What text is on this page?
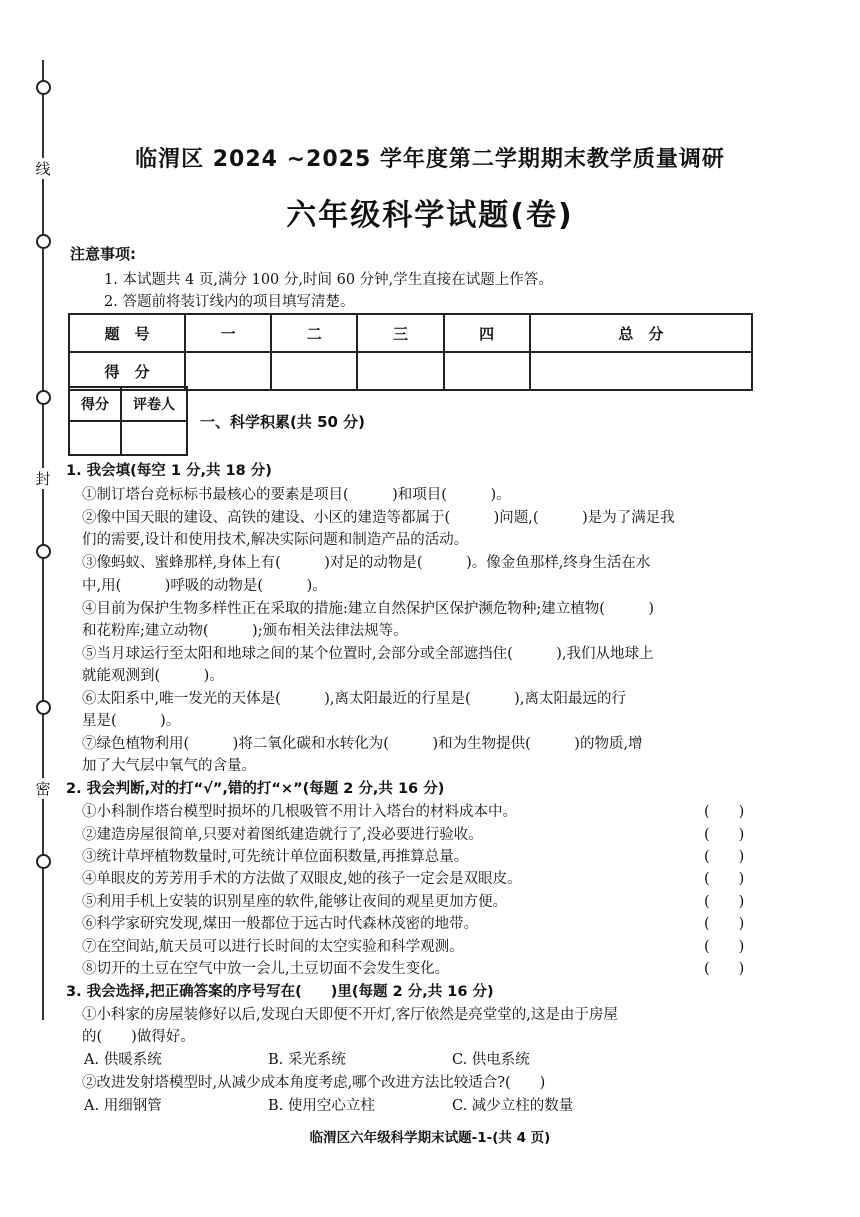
线
封
密
临渭区 2024 ~2025 学年度第二学期期末教学质量调研
六年级科学试题(卷)
注意事项:
1. 本试题共 4 页,满分 100 分,时间 60 分钟,学生直接在试题上作答。
2. 答题前将装订线内的项目填写清楚。
题　号	一	二	三	四	总　分
得　分					
得分	评卷人

一、科学积累(共 50 分)
1. 我会填(每空 1 分,共 18 分)
①制订塔台竞标标书最核心的要素是项目(　　　)和项目(　　　)。
②像中国天眼的建设、高铁的建设、小区的建造等都属于(　　　)问题,(　　　)是为了满足我
们的需要,设计和使用技术,解决实际问题和制造产品的活动。
③像蚂蚁、蜜蜂那样,身体上有(　　　)对足的动物是(　　　)。像金鱼那样,终身生活在水
中,用(　　　)呼吸的动物是(　　　)。
④目前为保护生物多样性正在采取的措施:建立自然保护区保护濒危物种;建立植物(　　　)
和花粉库;建立动物(　　　);颁布相关法律法规等。
⑤当月球运行至太阳和地球之间的某个位置时,会部分或全部遮挡住(　　　),我们从地球上
就能观测到(　　　)。
⑥太阳系中,唯一发光的天体是(　　　),离太阳最近的行星是(　　　),离太阳最远的行
星是(　　　)。
⑦绿色植物利用(　　　)将二氧化碳和水转化为(　　　)和为生物提供(　　　)的物质,增
加了大气层中氧气的含量。
2. 我会判断,对的打“√”,错的打“×”(每题 2 分,共 16 分)
①小科制作塔台模型时损坏的几根吸管不用计入塔台的材料成本中。	(　　)
②建造房屋很简单,只要对着图纸建造就行了,没必要进行验收。	(　　)
③统计草坪植物数量时,可先统计单位面积数量,再推算总量。	(　　)
④单眼皮的芳芳用手术的方法做了双眼皮,她的孩子一定会是双眼皮。	(　　)
⑤利用手机上安装的识别星座的软件,能够让夜间的观星更加方便。	(　　)
⑥科学家研究发现,煤田一般都位于远古时代森林茂密的地带。	(　　)
⑦在空间站,航天员可以进行长时间的太空实验和科学观测。	(　　)
⑧切开的土豆在空气中放一会儿,土豆切面不会发生变化。	(　　)
3. 我会选择,把正确答案的序号写在(　　)里(每题 2 分,共 16 分)
①小科家的房屋装修好以后,发现白天即便不开灯,客厅依然是亮堂堂的,这是由于房屋
的(　　)做得好。
A. 供暖系统	B. 采光系统	C. 供电系统
②改进发射塔模型时,从减少成本角度考虑,哪个改进方法比较适合?(　　)
A. 用细钢管	B. 使用空心立柱	C. 减少立柱的数量
临渭区六年级科学期末试题-1-(共 4 页)
